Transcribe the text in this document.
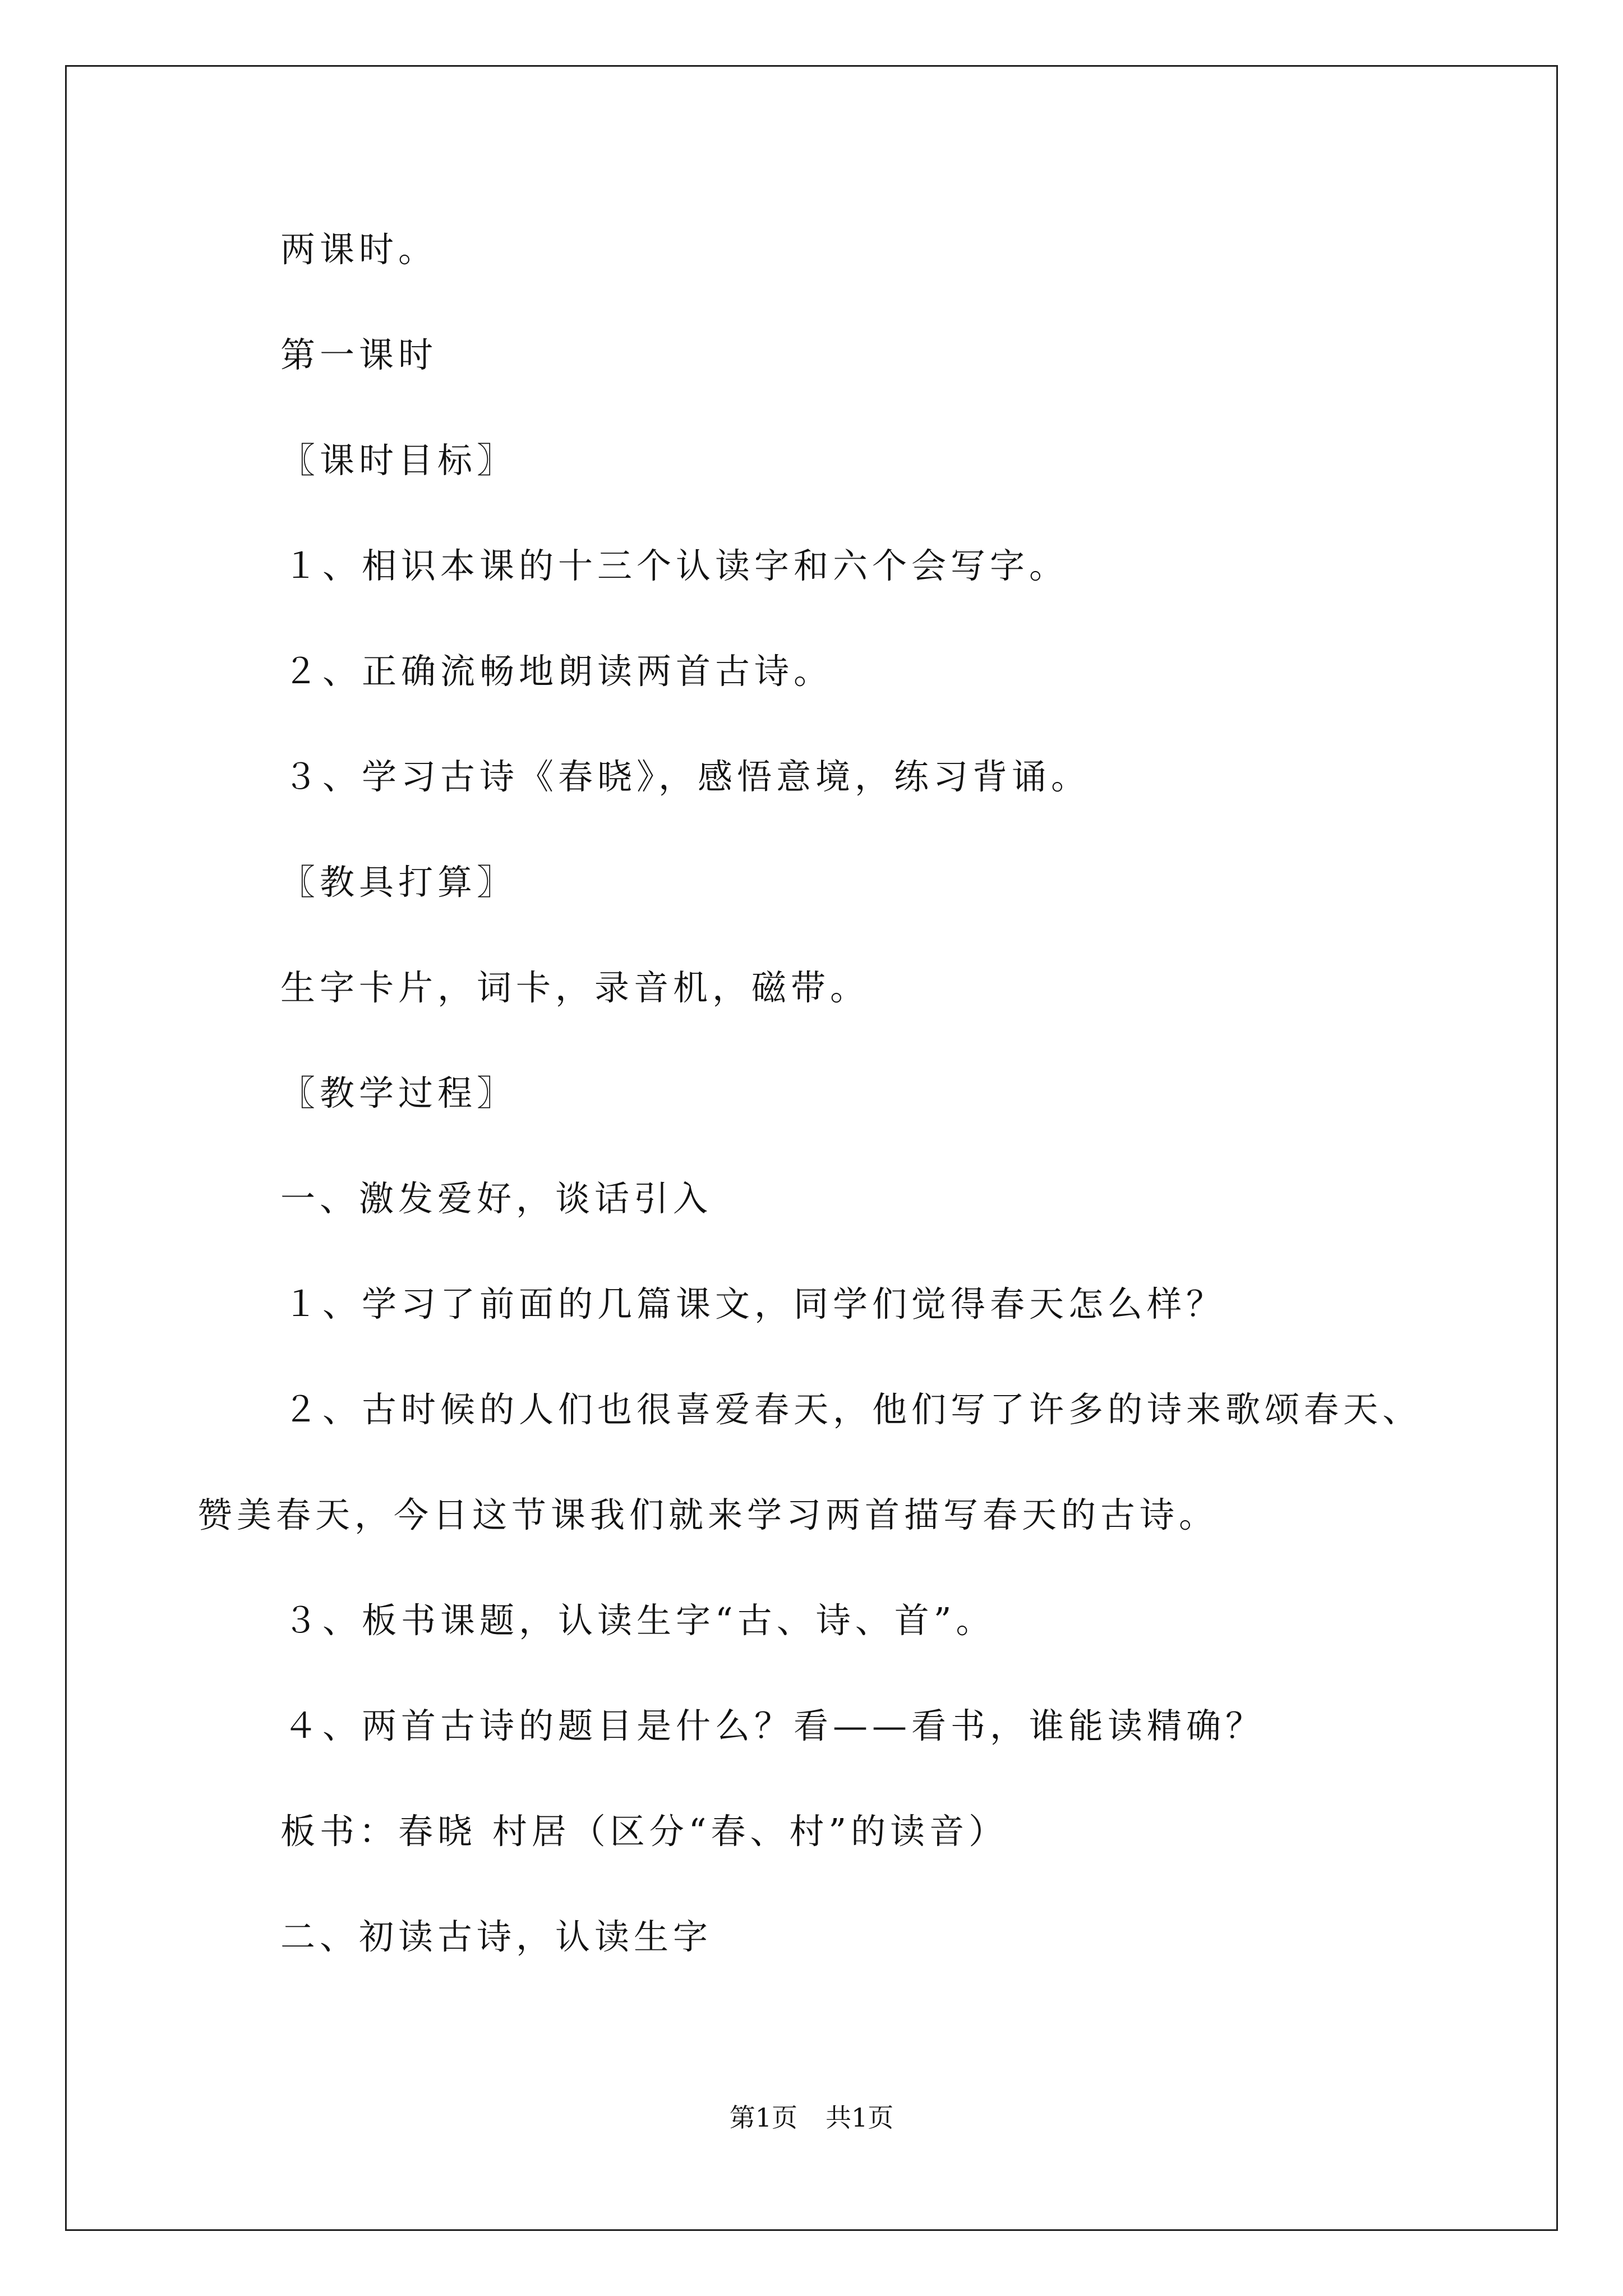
两课时。
第一课时
〖课时目标〗
１、相识本课的十三个认读字和六个会写字。
２、正确流畅地朗读两首古诗。
３、学习古诗《春晓》，感悟意境，练习背诵。
〖教具打算〗
生字卡片，词卡，录音机，磁带。
〖教学过程〗
一、激发爱好，谈话引入
１、学习了前面的几篇课文，同学们觉得春天怎么样？
２、古时候的人们也很喜爱春天，他们写了许多的诗来歌颂春天、
赞美春天，今日这节课我们就来学习两首描写春天的古诗。
３、板书课题，认读生字“古、诗、首”。
４、两首古诗的题目是什么？看——看书，谁能读精确？
板书：春晓 村居（区分“春、村”的读音）
二、初读古诗，认读生字
第1页 共1页
